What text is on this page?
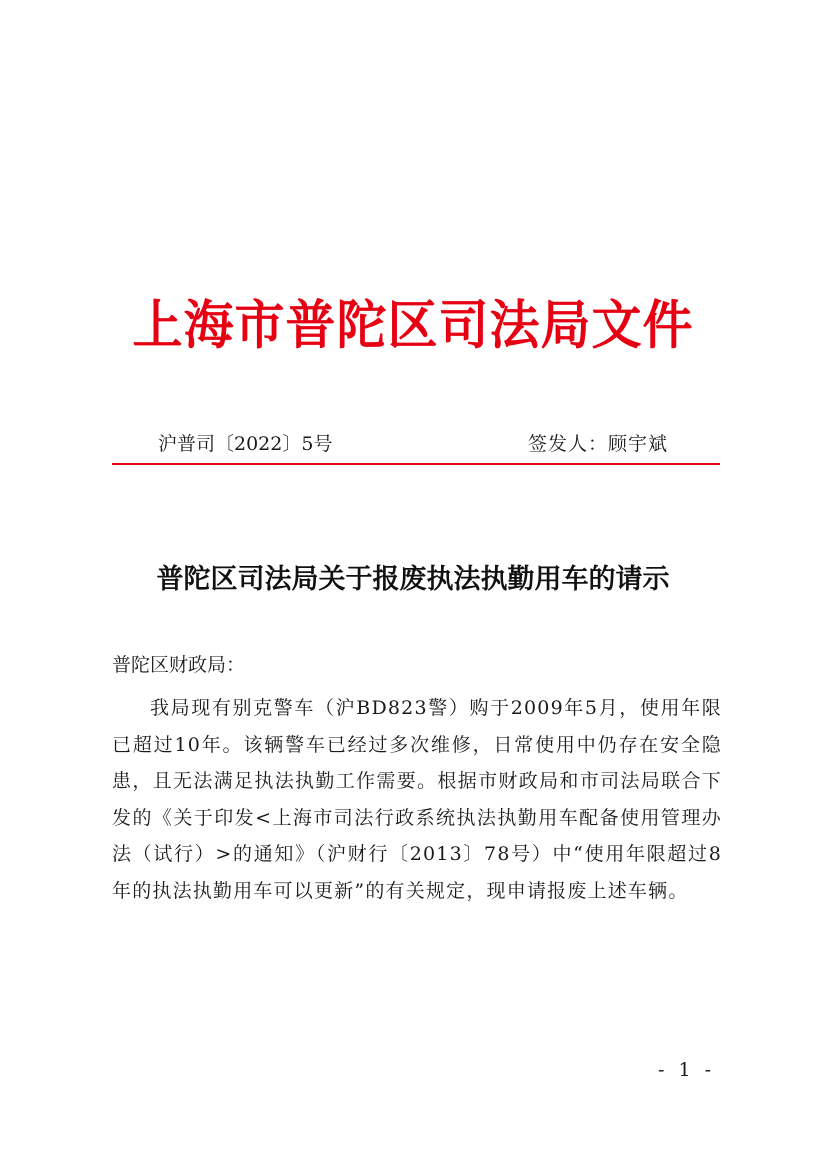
上海市普陀区司法局文件
沪普司〔2022〕5号	签发人：顾宇斌
普陀区司法局关于报废执法执勤用车的请示
普陀区财政局：

我局现有别克警车（沪BD823警）购于2009年5月，使用年限已超过10年。该辆警车已经过多次维修，日常使用中仍存在安全隐患，且无法满足执法执勤工作需要。根据市财政局和市司法局联合下发的《关于印发<上海市司法行政系统执法执勤用车配备使用管理办法（试行）>的通知》（沪财行〔2013〕78号）中“使用年限超过8年的执法执勤用车可以更新”的有关规定，现申请报废上述车辆。

- 1 -
